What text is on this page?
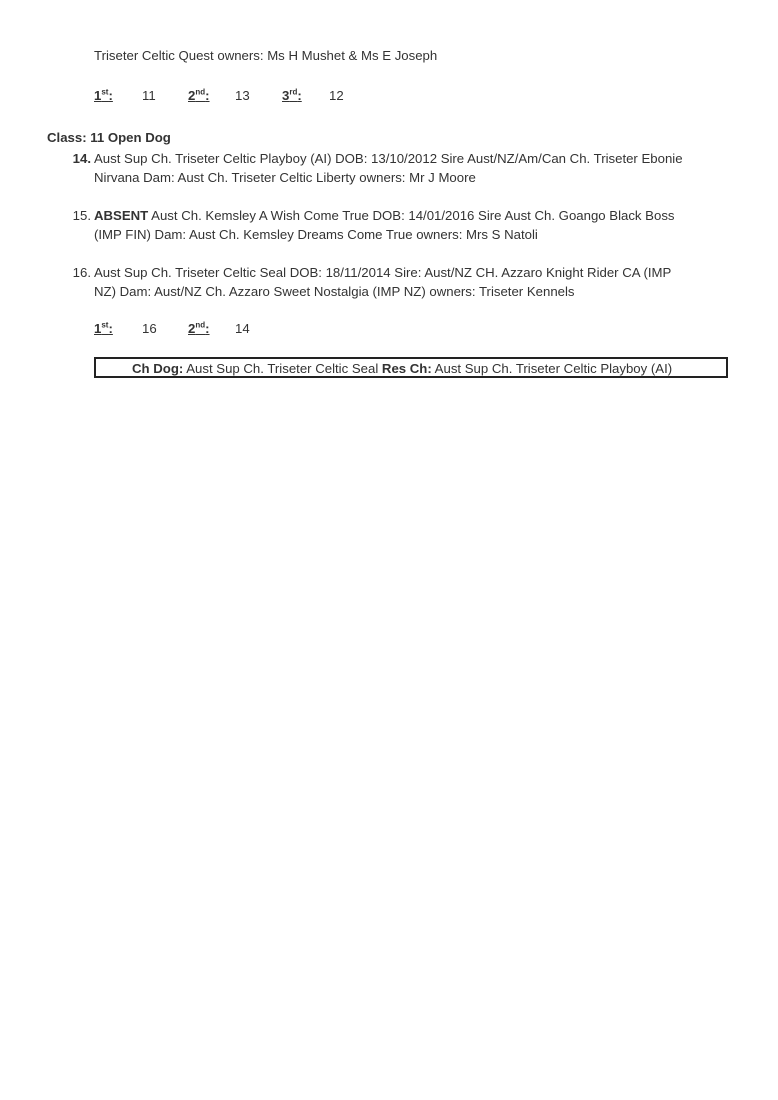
Triseter Celtic Quest owners: Ms H Mushet & Ms E Joseph
1st: 11 2nd: 13 3rd: 12
Class: 11 Open Dog
14. Aust Sup Ch. Triseter Celtic Playboy (AI) DOB: 13/10/2012 Sire Aust/NZ/Am/Can Ch. Triseter Ebonie
Nirvana Dam: Aust Ch. Triseter Celtic Liberty owners: Mr J Moore
15. ABSENT Aust Ch. Kemsley A Wish Come True DOB: 14/01/2016 Sire Aust Ch. Goango Black Boss
(IMP FIN) Dam: Aust Ch. Kemsley Dreams Come True owners: Mrs S Natoli
16. Aust Sup Ch. Triseter Celtic Seal DOB: 18/11/2014 Sire: Aust/NZ CH. Azzaro Knight Rider CA (IMP
NZ) Dam: Aust/NZ Ch. Azzaro Sweet Nostalgia (IMP NZ) owners: Triseter Kennels
1st: 16 2nd: 14
Ch Dog: Aust Sup Ch. Triseter Celtic Seal Res Ch: Aust Sup Ch. Triseter Celtic Playboy (AI)
